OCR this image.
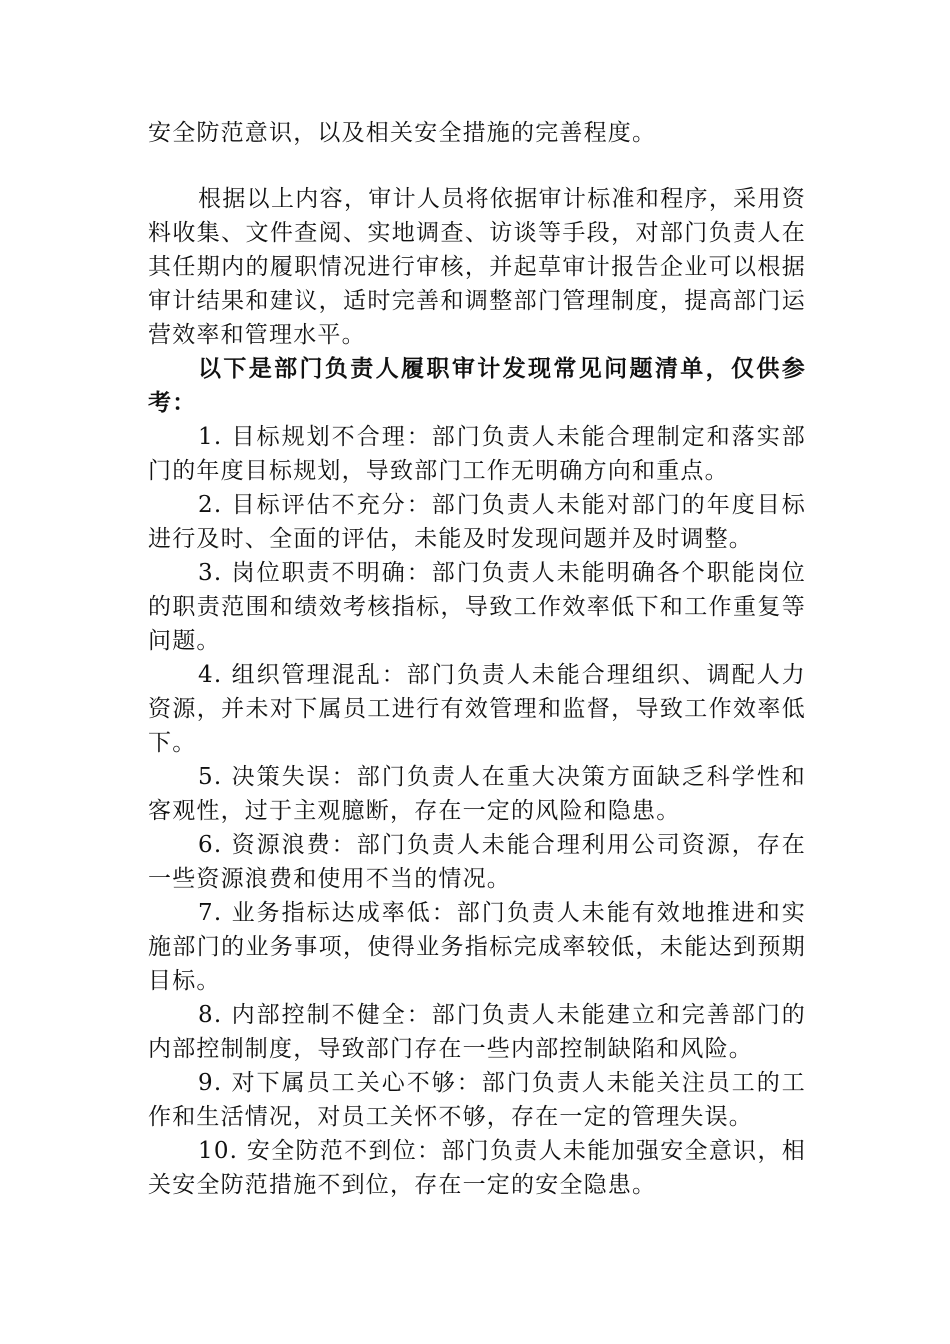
安全防范意识，以及相关安全措施的完善程度。

根据以上内容，审计人员将依据审计标准和程序，采用资料收集、文件查阅、实地调查、访谈等手段，对部门负责人在其任期内的履职情况进行审核，并起草审计报告企业可以根据审计结果和建议，适时完善和调整部门管理制度，提高部门运营效率和管理水平。

以下是部门负责人履职审计发现常见问题清单，仅供参考：

1. 目标规划不合理：部门负责人未能合理制定和落实部门的年度目标规划，导致部门工作无明确方向和重点。

2. 目标评估不充分：部门负责人未能对部门的年度目标进行及时、全面的评估，未能及时发现问题并及时调整。

3. 岗位职责不明确：部门负责人未能明确各个职能岗位的职责范围和绩效考核指标，导致工作效率低下和工作重复等问题。

4. 组织管理混乱：部门负责人未能合理组织、调配人力资源，并未对下属员工进行有效管理和监督，导致工作效率低下。

5. 决策失误：部门负责人在重大决策方面缺乏科学性和客观性，过于主观臆断，存在一定的风险和隐患。

6. 资源浪费：部门负责人未能合理利用公司资源，存在一些资源浪费和使用不当的情况。

7. 业务指标达成率低：部门负责人未能有效地推进和实施部门的业务事项，使得业务指标完成率较低，未能达到预期目标。

8. 内部控制不健全：部门负责人未能建立和完善部门的内部控制制度，导致部门存在一些内部控制缺陷和风险。

9. 对下属员工关心不够：部门负责人未能关注员工的工作和生活情况，对员工关怀不够，存在一定的管理失误。

10. 安全防范不到位：部门负责人未能加强安全意识，相关安全防范措施不到位，存在一定的安全隐患。
